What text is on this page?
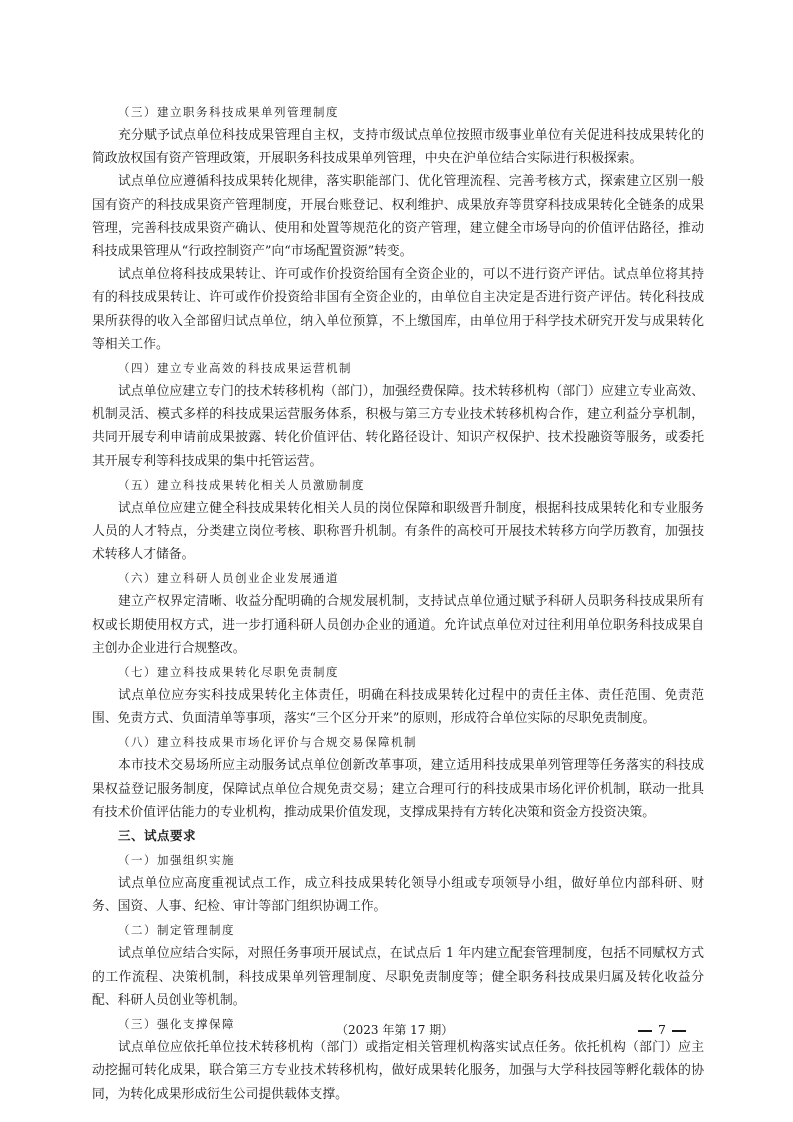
（三）建立职务科技成果单列管理制度

充分赋予试点单位科技成果管理自主权，支持市级试点单位按照市级事业单位有关促进科技成果转化的简政放权国有资产管理政策，开展职务科技成果单列管理，中央在沪单位结合实际进行积极探索。

试点单位应遵循科技成果转化规律，落实职能部门、优化管理流程、完善考核方式，探索建立区别一般国有资产的科技成果资产管理制度，开展台账登记、权利维护、成果放弃等贯穿科技成果转化全链条的成果管理，完善科技成果资产确认、使用和处置等规范化的资产管理，建立健全市场导向的价值评估路径，推动科技成果管理从“行政控制资产”向“市场配置资源”转变。

试点单位将科技成果转让、许可或作价投资给国有全资企业的，可以不进行资产评估。试点单位将其持有的科技成果转让、许可或作价投资给非国有全资企业的，由单位自主决定是否进行资产评估。转化科技成果所获得的收入全部留归试点单位，纳入单位预算，不上缴国库，由单位用于科学技术研究开发与成果转化等相关工作。

（四）建立专业高效的科技成果运营机制

试点单位应建立专门的技术转移机构（部门），加强经费保障。技术转移机构（部门）应建立专业高效、机制灵活、模式多样的科技成果运营服务体系，积极与第三方专业技术转移机构合作，建立利益分享机制，共同开展专利申请前成果披露、转化价值评估、转化路径设计、知识产权保护、技术投融资等服务，或委托其开展专利等科技成果的集中托管运营。

（五）建立科技成果转化相关人员激励制度

试点单位应建立健全科技成果转化相关人员的岗位保障和职级晋升制度，根据科技成果转化和专业服务人员的人才特点，分类建立岗位考核、职称晋升机制。有条件的高校可开展技术转移方向学历教育，加强技术转移人才储备。

（六）建立科研人员创业企业发展通道

建立产权界定清晰、收益分配明确的合规发展机制，支持试点单位通过赋予科研人员职务科技成果所有权或长期使用权方式，进一步打通科研人员创办企业的通道。允许试点单位对过往利用单位职务科技成果自主创办企业进行合规整改。

（七）建立科技成果转化尽职免责制度

试点单位应夯实科技成果转化主体责任，明确在科技成果转化过程中的责任主体、责任范围、免责范围、免责方式、负面清单等事项，落实“三个区分开来”的原则，形成符合单位实际的尽职免责制度。

（八）建立科技成果市场化评价与合规交易保障机制

本市技术交易场所应主动服务试点单位创新改革事项，建立适用科技成果单列管理等任务落实的科技成果权益登记服务制度，保障试点单位合规免责交易；建立合理可行的科技成果市场化评价机制，联动一批具有技术价值评估能力的专业机构，推动成果价值发现，支撑成果持有方转化决策和资金方投资决策。

三、试点要求
（一）加强组织实施

试点单位应高度重视试点工作，成立科技成果转化领导小组或专项领导小组，做好单位内部科研、财务、国资、人事、纪检、审计等部门组织协调工作。

（二）制定管理制度

试点单位应结合实际，对照任务事项开展试点，在试点后 1 年内建立配套管理制度，包括不同赋权方式的工作流程、决策机制，科技成果单列管理制度、尽职免责制度等；健全职务科技成果归属及转化收益分配、科研人员创业等机制。

（三）强化支撑保障

试点单位应依托单位技术转移机构（部门）或指定相关管理机构落实试点任务。依托机构（部门）应主动挖掘可转化成果，联合第三方专业技术转移机构，做好成果转化服务，加强与大学科技园等孵化载体的协同，为转化成果形成衍生公司提供载体支撑。

（2023 年第 17 期）	7
